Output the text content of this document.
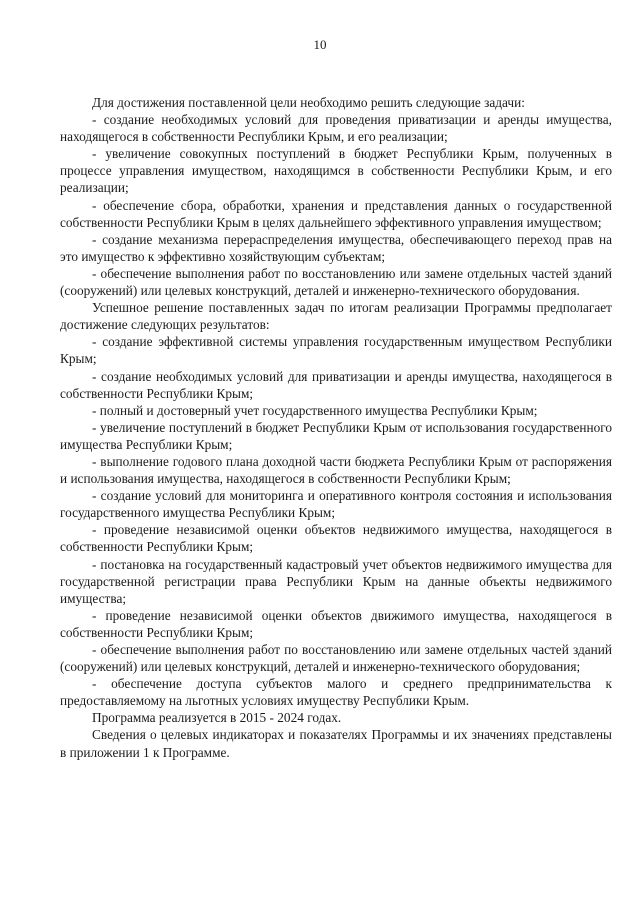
10

Для достижения поставленной цели необходимо решить следующие задачи:

- создание необходимых условий для проведения приватизации и аренды имущества, находящегося в собственности Республики Крым, и его реализации;

- увеличение совокупных поступлений в бюджет Республики Крым, полученных в процессе управления имуществом, находящимся в собственности Республики Крым, и его реализации;

- обеспечение сбора, обработки, хранения и представления данных о государственной собственности Республики Крым в целях дальнейшего эффективного управления имуществом;

- создание механизма перераспределения имущества, обеспечивающего переход прав на это имущество к эффективно хозяйствующим субъектам;

- обеспечение выполнения работ по восстановлению или замене отдельных частей зданий (сооружений) или целевых конструкций, деталей и инженерно-технического оборудования.

Успешное решение поставленных задач по итогам реализации Программы предполагает достижение следующих результатов:

- создание эффективной системы управления государственным имуществом Республики Крым;

- создание необходимых условий для приватизации и аренды имущества, находящегося в собственности Республики Крым;

- полный и достоверный учет государственного имущества Республики Крым;

- увеличение поступлений в бюджет Республики Крым от использования государственного имущества Республики Крым;

- выполнение годового плана доходной части бюджета Республики Крым от распоряжения и использования имущества, находящегося в собственности Республики Крым;

- создание условий для мониторинга и оперативного контроля состояния и использования государственного имущества Республики Крым;

- проведение независимой оценки объектов недвижимого имущества, находящегося в собственности Республики Крым;

- постановка на государственный кадастровый учет объектов недвижимого имущества для государственной регистрации права Республики Крым на данные объекты недвижимого имущества;

- проведение независимой оценки объектов движимого имущества, находящегося в собственности Республики Крым;

- обеспечение выполнения работ по восстановлению или замене отдельных частей зданий (сооружений) или целевых конструкций, деталей и инженерно-технического оборудования;

- обеспечение доступа субъектов малого и среднего предпринимательства к предоставляемому на льготных условиях имуществу Республики Крым.

Программа реализуется в 2015 - 2024 годах.

Сведения о целевых индикаторах и показателях Программы и их значениях представлены в приложении 1 к Программе.
